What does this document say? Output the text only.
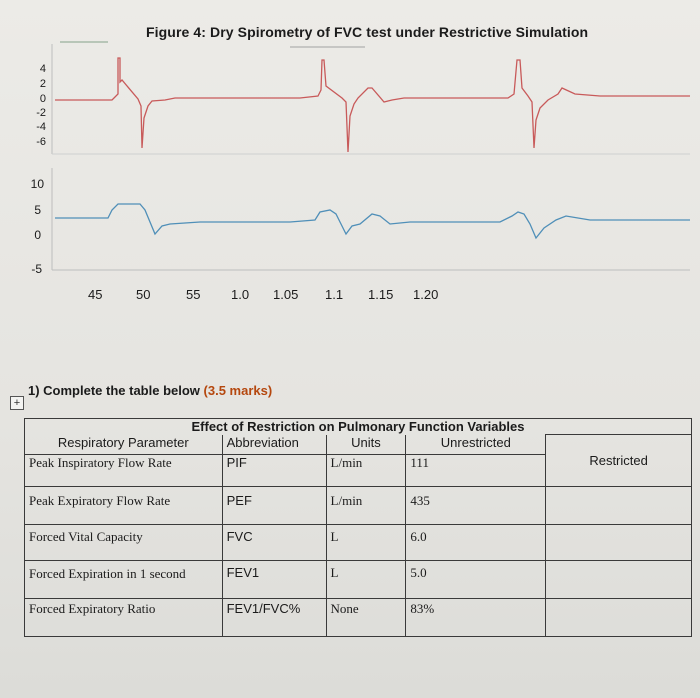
Figure 4: Dry Spirometry of FVC test under Restrictive Simulation
4
2
0
-2
-4
-6
10
5
0
-5
45	50	55 1.0 1.05 1.1 1.15 1.20
1) Complete the table below (3.5 marks)
+
Effect of Restriction on Pulmonary Function Variables				
Respiratory Parameter	Abbreviation	Units	Unrestricted	Restricted
Peak Inspiratory Flow Rate	PIF	L/min	111	
Peak Expiratory Flow Rate	PEF	L/min	435	
Forced Vital Capacity	FVC	L	6.0	
Forced Expiration in 1 second	FEV1	L	5.0	
Forced Expiratory Ratio	FEV1/FVC%	None	83%	
